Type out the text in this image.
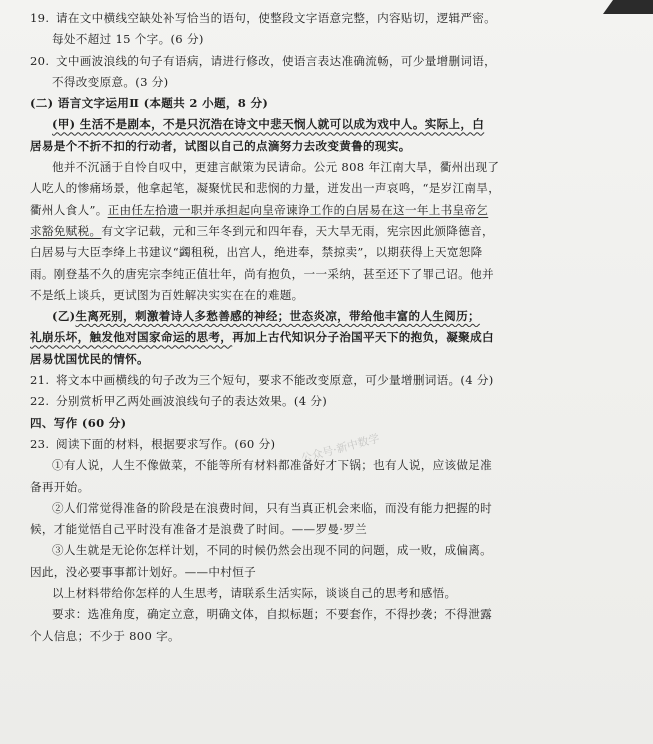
19. 请在文中横线空缺处补写恰当的语句，使整段文字语意完整，内容贴切，逻辑严密。
每处不超过 15 个字。(6 分)
20. 文中画波浪线的句子有语病，请进行修改，使语言表达准确流畅，可少量增删词语，
不得改变原意。(3 分)
(二) 语言文字运用Ⅱ (本题共 2 小题，8 分)
(甲) 生活不是剧本，不是只沉浩在诗文中悲天悯人就可以成为戏中人。实际上，白
居易是个不折不扣的行动者，试图以自己的点滴努力去改变黄鲁的现实。
他并不沉涵于自怜自叹中，更建言献策为民请命。公元 808 年江南大旱，衢州出现了
人吃人的惨痛场景，他拿起笔，凝聚忧民和悲悯的力量，迸发出一声哀鸣，“是岁江南旱，
衢州人食人”。正由任左拾遗一职并承担起向皇帝谏诤工作的白居易在这一年上书皇帝乞
求豁免赋税。有文字记载，元和三年冬到元和四年春，天大旱无雨，宪宗因此颁降德音，
白居易与大臣李绛上书建议“蠲租税，出宫人，绝进奉，禁掠卖”，以期获得上天宽恕降
雨。刚登基不久的唐宪宗李纯正值壮年，尚有抱负，一一采纳，甚至还下了罪己诏。他并
不是纸上谈兵，更试图为百姓解决实实在在的难题。
(乙)生离死别，刺激着诗人多愁善感的神经；世态炎凉，带给他丰富的人生阅历；
礼崩乐坏，触发他对国家命运的思考，再加上古代知识分子治国平天下的抱负，凝聚成白
居易忧国忧民的情怀。
21. 将文本中画横线的句子改为三个短句，要求不能改变原意，可少量增删词语。(4 分)
22. 分别赏析甲乙两处画波浪线句子的表达效果。(4 分)
四、写作 (60 分)
23. 阅读下面的材料，根据要求写作。(60 分)
①有人说，人生不像做菜，不能等所有材料都准备好才下锅；也有人说，应该做足准
备再开始。
②人们常觉得准备的阶段是在浪费时间，只有当真正机会来临，而没有能力把握的时
候，才能觉悟自己平时没有准备才是浪费了时间。——罗曼·罗兰
③人生就是无论你怎样计划，不同的时候仍然会出现不同的问题，成一败，成偏离。
因此，没必要事事都计划好。——中村恒子
以上材料带给你怎样的人生思考，请联系生活实际，谈谈自己的思考和感悟。
要求：选准角度，确定立意，明确文体，自拟标题；不要套作，不得抄袭；不得泄露
个人信息；不少于 800 字。
公众号·新中数学
